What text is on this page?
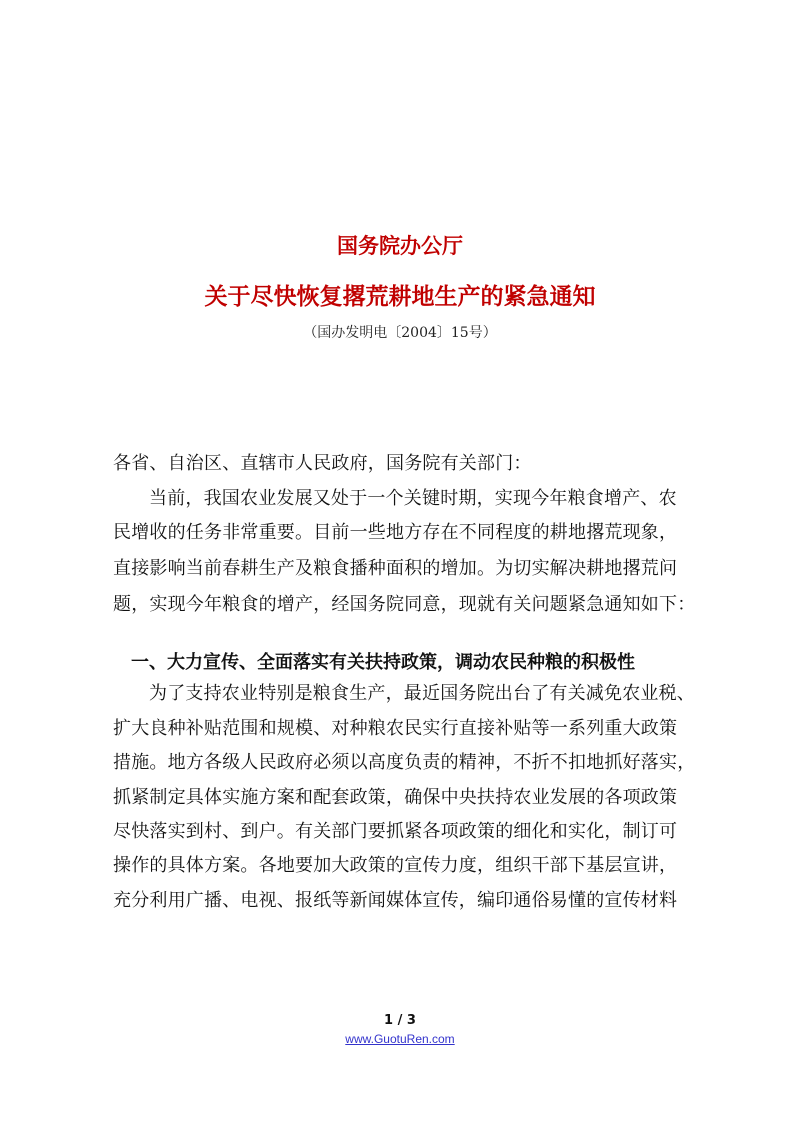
国务院办公厅
关于尽快恢复撂荒耕地生产的紧急通知
（国办发明电〔2004〕15号）
各省、自治区、直辖市人民政府，国务院有关部门：
当前，我国农业发展又处于一个关键时期，实现今年粮食增产、农
民增收的任务非常重要。目前一些地方存在不同程度的耕地撂荒现象，
直接影响当前春耕生产及粮食播种面积的增加。为切实解决耕地撂荒问
题，实现今年粮食的增产，经国务院同意，现就有关问题紧急通知如下：
一、大力宣传、全面落实有关扶持政策，调动农民种粮的积极性
为了支持农业特别是粮食生产，最近国务院出台了有关减免农业税、
扩大良种补贴范围和规模、对种粮农民实行直接补贴等一系列重大政策
措施。地方各级人民政府必须以高度负责的精神，不折不扣地抓好落实，
抓紧制定具体实施方案和配套政策，确保中央扶持农业发展的各项政策
尽快落实到村、到户。有关部门要抓紧各项政策的细化和实化，制订可
操作的具体方案。各地要加大政策的宣传力度，组织干部下基层宣讲，
充分利用广播、电视、报纸等新闻媒体宣传，编印通俗易懂的宣传材料
1 / 3
www.GuotuRen.com
